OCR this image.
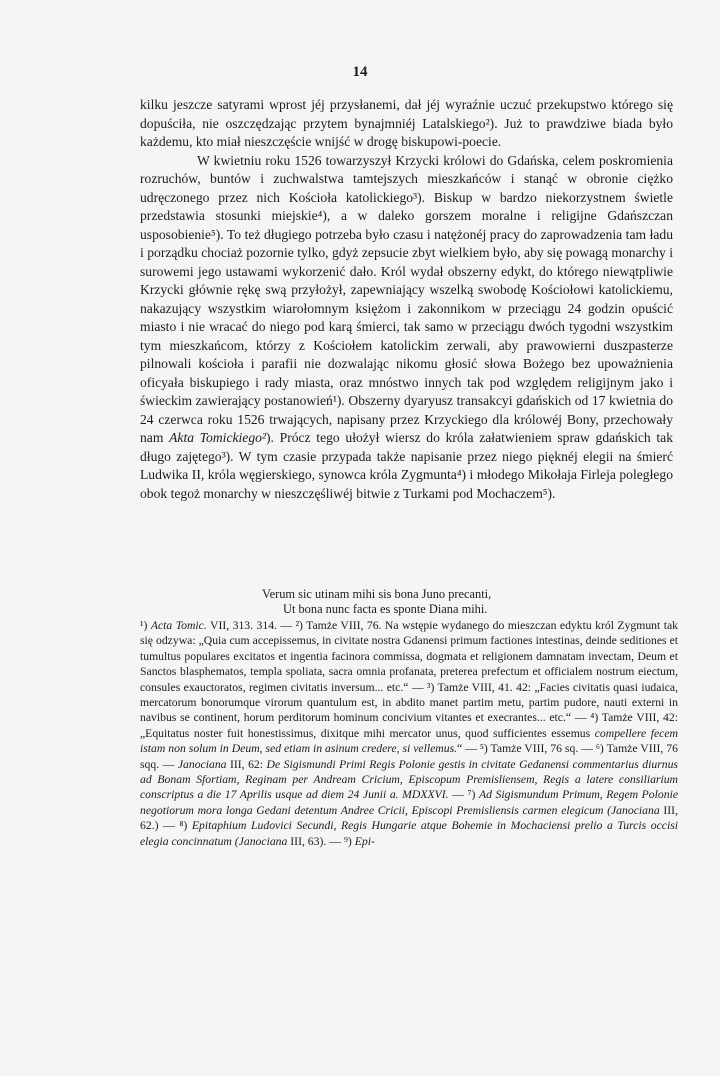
14

kilku jeszcze satyrami wprost jéj przysłanemi, dał jéj wyraźnie uczuć przekupstwo którego się dopuściła, nie oszczędzając przytem bynajmniéj Latalskiego²). Już to prawdziwe biada było każdemu, kto miał nieszczęście wnijść w drogę biskupowi-poecie.

W kwietniu roku 1526 towarzyszył Krzycki królowi do Gdańska, celem poskromienia rozruchów, buntów i zuchwalstwa tamtejszych mieszkańców i stanąć w obronie ciężko udręczonego przez nich Kościoła katolickiego³). Biskup w bardzo niekorzystnem świetle przedstawia stosunki miejskie⁴), a w daleko gorszem moralne i religijne Gdańszczan usposobienie⁵). To też długiego potrzeba było czasu i natężonéj pracy do zaprowadzenia tam ładu i porządku chociaż pozornie tylko, gdyż zepsucie zbyt wielkiem było, aby się powagą monarchy i surowemi jego ustawami wykorzenić dało. Król wydał obszerny edykt, do którego niewątpliwie Krzycki głównie rękę swą przyłożył, zapewniający wszelką swobodę Kościołowi katolickiemu, nakazujący wszystkim wiarołomnym księżom i zakonnikom w przeciągu 24 godzin opuścić miasto i nie wracać do niego pod karą śmierci, tak samo w przeciągu dwóch tygodni wszystkim tym mieszkańcom, którzy z Kościołem katolickim zerwali, aby prawowierni duszpasterze pilnowali kościoła i parafii nie dozwalając nikomu głosić słowa Bożego bez upoważnienia oficyała biskupiego i rady miasta, oraz mnóstwo innych tak pod względem religijnym jako i świeckim zawierający postanowień¹). Obszerny dyaryusz transakcyi gdańskich od 17 kwietnia do 24 czerwca roku 1526 trwających, napisany przez Krzyckiego dla królowéj Bony, przechowały nam Akta Tomickiego²). Prócz tego ułożył wiersz do króla załatwieniem spraw gdańskich tak długo zajętego³). W tym czasie przypada także napisanie przez niego pięknéj elegii na śmierć Ludwika II, króla węgierskiego, synowca króla Zygmunta⁴) i młodego Mikołaja Firleja poległego obok tegoż monarchy w nieszczęśliwéj bitwie z Turkami pod Mochaczem⁵).

Verum sic utinam mihi sis bona Juno precanti,
Ut bona nunc facta es sponte Diana mihi.

¹) Acta Tomic. VII, 313. 314. — ²) Tamże VIII, 76. Na wstępie wydanego do mieszczan edyktu król Zygmunt tak się odzywa: „Quia cum accepissemus, in civitate nostra Gdanensi primum factiones intestinas, deinde seditiones et tumultus populares excitatos et ingentia facinora commissa, dogmata et religionem damnatam invectam, Deum et Sanctos blasphematos, templa spoliata, sacra omnia profanata, preterea prefectum et officialem nostrum eiectum, consules exauctoratos, regimen civitatis inversum... etc.“ — ³) Tamże VIII, 41. 42: „Facies civitatis quasi iudaica, mercatorum bonorumque virorum quantulum est, in abdito manet partim metu, partim pudore, nauti externi in navibus se continent, horum perditorum hominum concivium vitantes et execrantes... etc.“ — ⁴) Tamże VIII, 42: „Equitatus noster fuit honestissimus, dixitque mihi mercator unus, quod sufficientes essemus compellere fecem istam non solum in Deum, sed etiam in asinum credere, si vellemus.“ — ⁵) Tamże VIII, 76 sq. — ⁶) Tamże VIII, 76 sqq. — Janociana III, 62: De Sigismundi Primi Regis Polonie gestis in civitate Gedanensi commentarius diurnus ad Bonam Sfortiam, Reginam per Andream Cricium, Episcopum Premisliensem, Regis a latere consiliarium conscriptus a die 17 Aprilis usque ad diem 24 Junii a. MDXXVI. — ⁷) Ad Sigismundum Primum, Regem Polonie negotiorum mora longa Gedani detentum Andree Cricii, Episcopi Premisliensis carmen elegicum (Janociana III, 62.) — ⁸) Epitaphium Ludovici Secundi, Regis Hungarie atque Bohemie in Mochaciensi prelio a Turcis occisi elegia concinnatum (Janociana III, 63). — ⁹) Epi-
